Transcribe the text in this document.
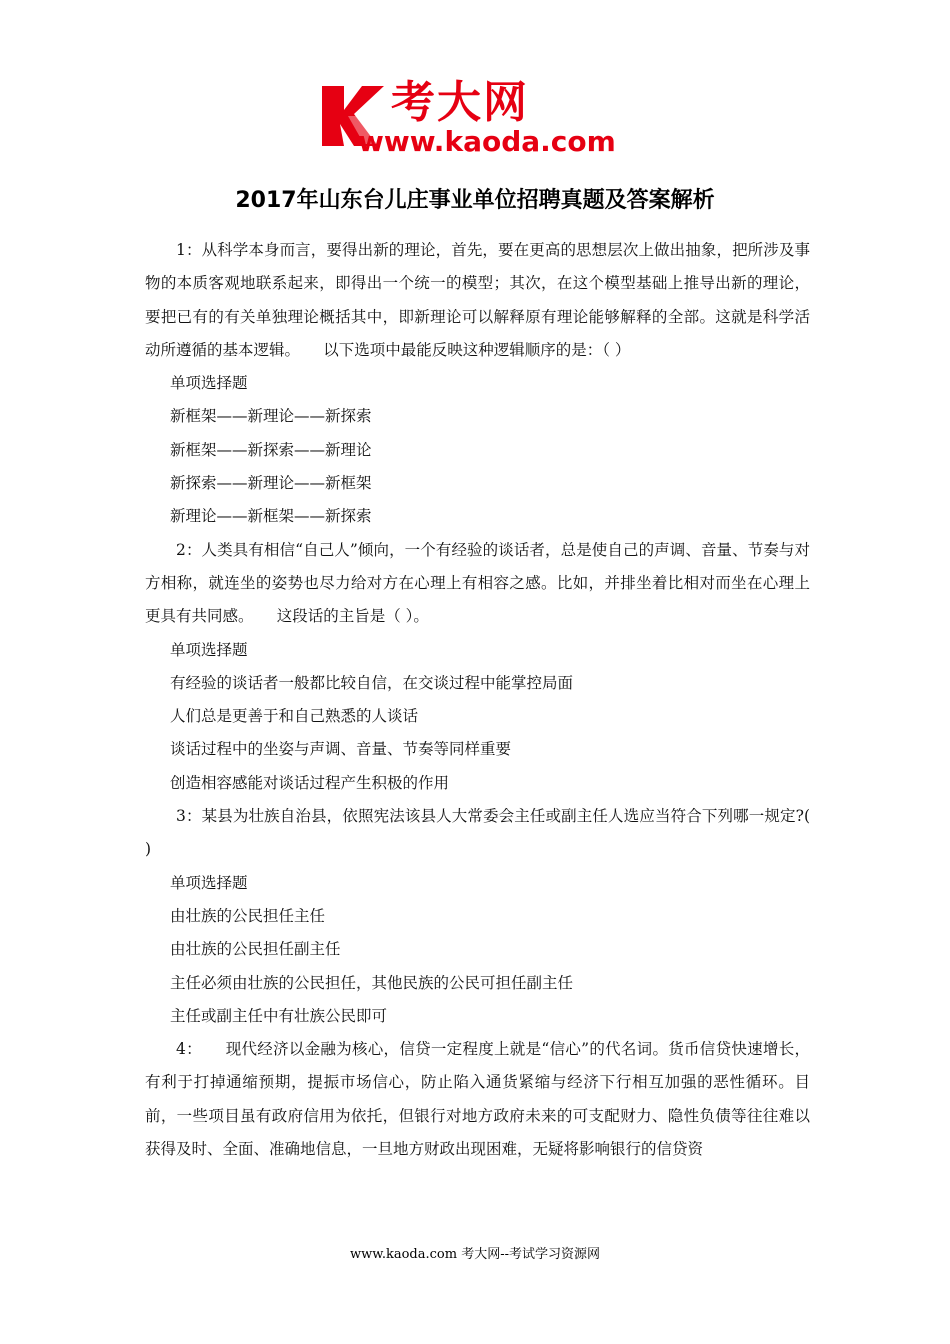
考大网
www.kaoda.com
2017年山东台儿庄事业单位招聘真题及答案解析

1：从科学本身而言，要得出新的理论，首先，要在更高的思想层次上做出抽象，把所涉及事物的本质客观地联系起来，即得出一个统一的模型；其次，在这个模型基础上推导出新的理论，要把已有的有关单独理论概括其中，即新理论可以解释原有理论能够解释的全部。这就是科学活动所遵循的基本逻辑。　　以下选项中最能反映这种逻辑顺序的是：（ ）

单项选择题

新框架——新理论——新探索

新框架——新探索——新理论

新探索——新理论——新框架

新理论——新框架——新探索

2：人类具有相信“自己人”倾向，一个有经验的谈话者，总是使自己的声调、音量、节奏与对方相称，就连坐的姿势也尽力给对方在心理上有相容之感。比如，并排坐着比相对而坐在心理上更具有共同感。　　这段话的主旨是（ ）。

单项选择题

有经验的谈话者一般都比较自信，在交谈过程中能掌控局面

人们总是更善于和自己熟悉的人谈话

谈话过程中的坐姿与声调、音量、节奏等同样重要

创造相容感能对谈话过程产生积极的作用

3：某县为壮族自治县，依照宪法该县人大常委会主任或副主任人选应当符合下列哪一规定?( )

单项选择题

由壮族的公民担任主任

由壮族的公民担任副主任

主任必须由壮族的公民担任，其他民族的公民可担任副主任

主任或副主任中有壮族公民即可

4：　　现代经济以金融为核心，信贷一定程度上就是“信心”的代名词。货币信贷快速增长，有利于打掉通缩预期，提振市场信心，防止陷入通货紧缩与经济下行相互加强的恶性循环。目前，一些项目虽有政府信用为依托，但银行对地方政府未来的可支配财力、隐性负债等往往难以获得及时、全面、准确地信息，一旦地方财政出现困难，无疑将影响银行的信贷资

www.kaoda.com 考大网--考试学习资源网
